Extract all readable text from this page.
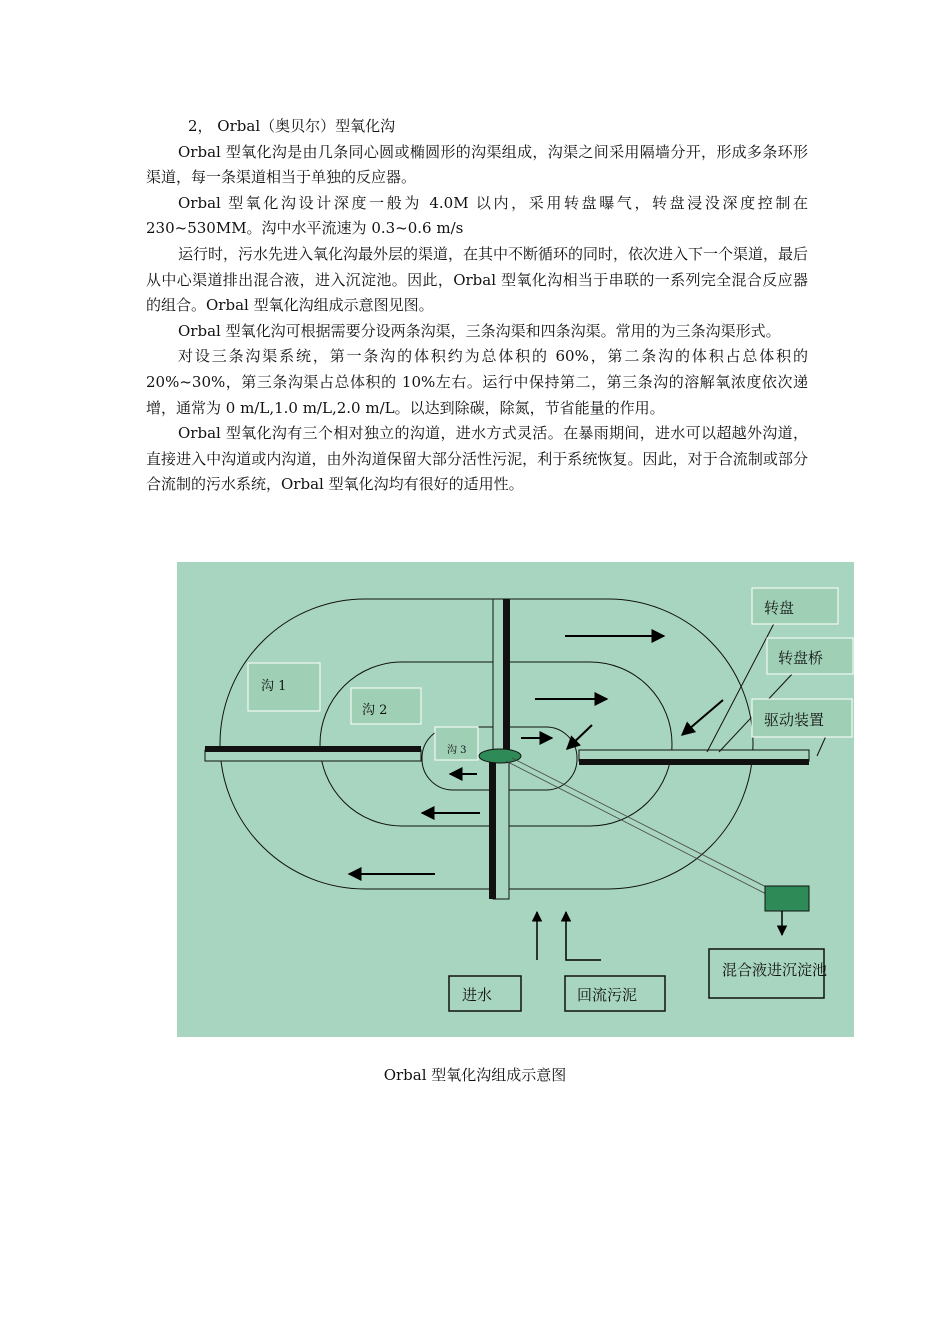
2， Orbal（奥贝尔）型氧化沟

Orbal 型氧化沟是由几条同心圆或椭圆形的沟渠组成，沟渠之间采用隔墙分开，形成多条环形渠道，每一条渠道相当于单独的反应器。

Orbal 型氧化沟设计深度一般为 4.0M 以内，采用转盘曝气，转盘浸没深度控制在 230~530MM。沟中水平流速为 0.3~0.6 m/s

运行时，污水先进入氧化沟最外层的渠道，在其中不断循环的同时，依次进入下一个渠道，最后从中心渠道排出混合液，进入沉淀池。因此，Orbal 型氧化沟相当于串联的一系列完全混合反应器的组合。Orbal 型氧化沟组成示意图见图。

Orbal 型氧化沟可根据需要分设两条沟渠，三条沟渠和四条沟渠。常用的为三条沟渠形式。

对设三条沟渠系统，第一条沟的体积约为总体积的 60%，第二条沟的体积占总体积的 20%~30%，第三条沟渠占总体积的 10%左右。运行中保持第二，第三条沟的溶解氧浓度依次递增，通常为 0 m/L,1.0 m/L,2.0 m/L。以达到除碳，除氮，节省能量的作用。

Orbal 型氧化沟有三个相对独立的沟道，进水方式灵活。在暴雨期间，进水可以超越外沟道，直接进入中沟道或内沟道，由外沟道保留大部分活性污泥，利于系统恢复。因此，对于合流制或部分合流制的污水系统，Orbal 型氧化沟均有很好的适用性。

沟 1
沟 2
沟 3
转盘
转盘桥
驱动装置
混合液进沉淀池
进水	回流污泥
Orbal 型氧化沟组成示意图
